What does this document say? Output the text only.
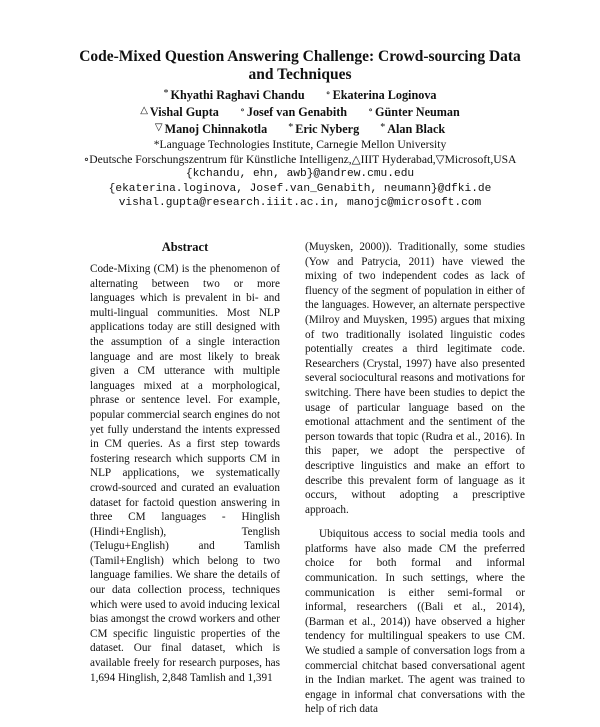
Code-Mixed Question Answering Challenge: Crowd-sourcing Data and Techniques
* Khyathi Raghavi Chandu ∘ Ekaterina Loginova
△ Vishal Gupta ∘ Josef van Genabith ∘ Günter Neuman
▽ Manoj Chinnakotla * Eric Nyberg * Alan Black
*Language Technologies Institute, Carnegie Mellon University
∘Deutsche Forschungszentrum für Künstliche Intelligenz,△IIIT Hyderabad,▽Microsoft,USA
{kchandu, ehn, awb}@andrew.cmu.edu
{ekaterina.loginova, Josef.van_Genabith, neumann}@dfki.de
vishal.gupta@research.iiit.ac.in, manojc@microsoft.com
Abstract

Code-Mixing (CM) is the phenomenon of alternating between two or more languages which is prevalent in bi- and multi-lingual communities. Most NLP applications today are still designed with the assumption of a single interaction language and are most likely to break given a CM utterance with multiple languages mixed at a morphological, phrase or sentence level. For example, popular commercial search engines do not yet fully understand the intents expressed in CM queries. As a first step towards fostering research which supports CM in NLP applications, we systematically crowd-sourced and curated an evaluation dataset for factoid question answering in three CM languages - Hinglish (Hindi+English), Tenglish (Telugu+English) and Tamlish (Tamil+English) which belong to two language families. We share the details of our data collection process, techniques which were used to avoid inducing lexical bias amongst the crowd workers and other CM specific linguistic properties of the dataset. Our final dataset, which is available freely for research purposes, has 1,694 Hinglish, 2,848 Tamlish and 1,391

(Muysken, 2000)). Traditionally, some studies (Yow and Patrycia, 2011) have viewed the mixing of two independent codes as lack of fluency of the segment of population in either of the languages. However, an alternate perspective (Milroy and Muysken, 1995) argues that mixing of two traditionally isolated linguistic codes potentially creates a third legitimate code. Researchers (Crystal, 1997) have also presented several sociocultural reasons and motivations for switching. There have been studies to depict the usage of particular language based on the emotional attachment and the sentiment of the person towards that topic (Rudra et al., 2016). In this paper, we adopt the perspective of descriptive linguistics and make an effort to describe this prevalent form of language as it occurs, without adopting a prescriptive approach.

Ubiquitous access to social media tools and platforms have also made CM the preferred choice for both formal and informal communication. In such settings, where the communication is either semi-formal or informal, researchers ((Bali et al., 2014), (Barman et al., 2014)) have observed a higher tendency for multilingual speakers to use CM. We studied a sample of conversation logs from a commercial chitchat based conversational agent in the Indian market. The agent was trained to engage in informal chat conversations with the help of rich data
